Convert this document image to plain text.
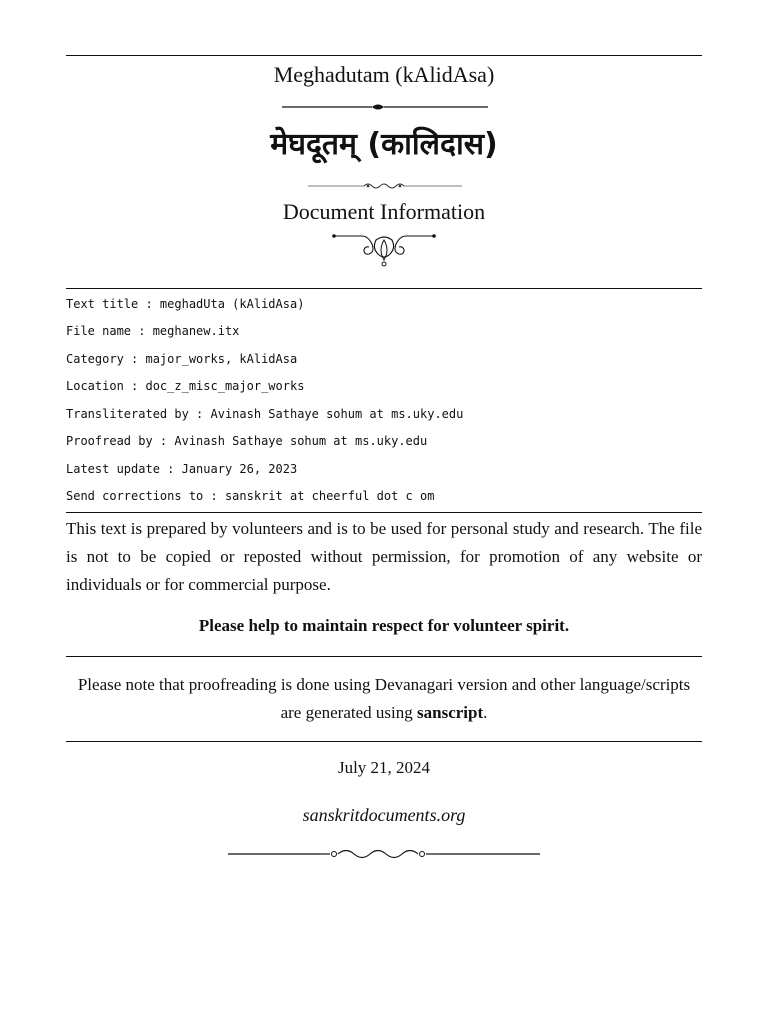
Meghadutam (kAlidAsa)
मेघदूतम् (कालिदास)
Document Information
Text title : meghadUta (kAlidAsa)
File name : meghanew.itx
Category : major_works, kAlidAsa
Location : doc_z_misc_major_works
Transliterated by : Avinash Sathaye sohum at ms.uky.edu
Proofread by : Avinash Sathaye sohum at ms.uky.edu
Latest update : January 26, 2023
Send corrections to : sanskrit at cheerful dot c om
This text is prepared by volunteers and is to be used for personal study and research. The file is not to be copied or reposted without permission, for promotion of any website or individuals or for commercial purpose.
Please help to maintain respect for volunteer spirit.
Please note that proofreading is done using Devanagari version and other language/scripts are generated using sanscript.
July 21, 2024
sanskritdocuments.org
